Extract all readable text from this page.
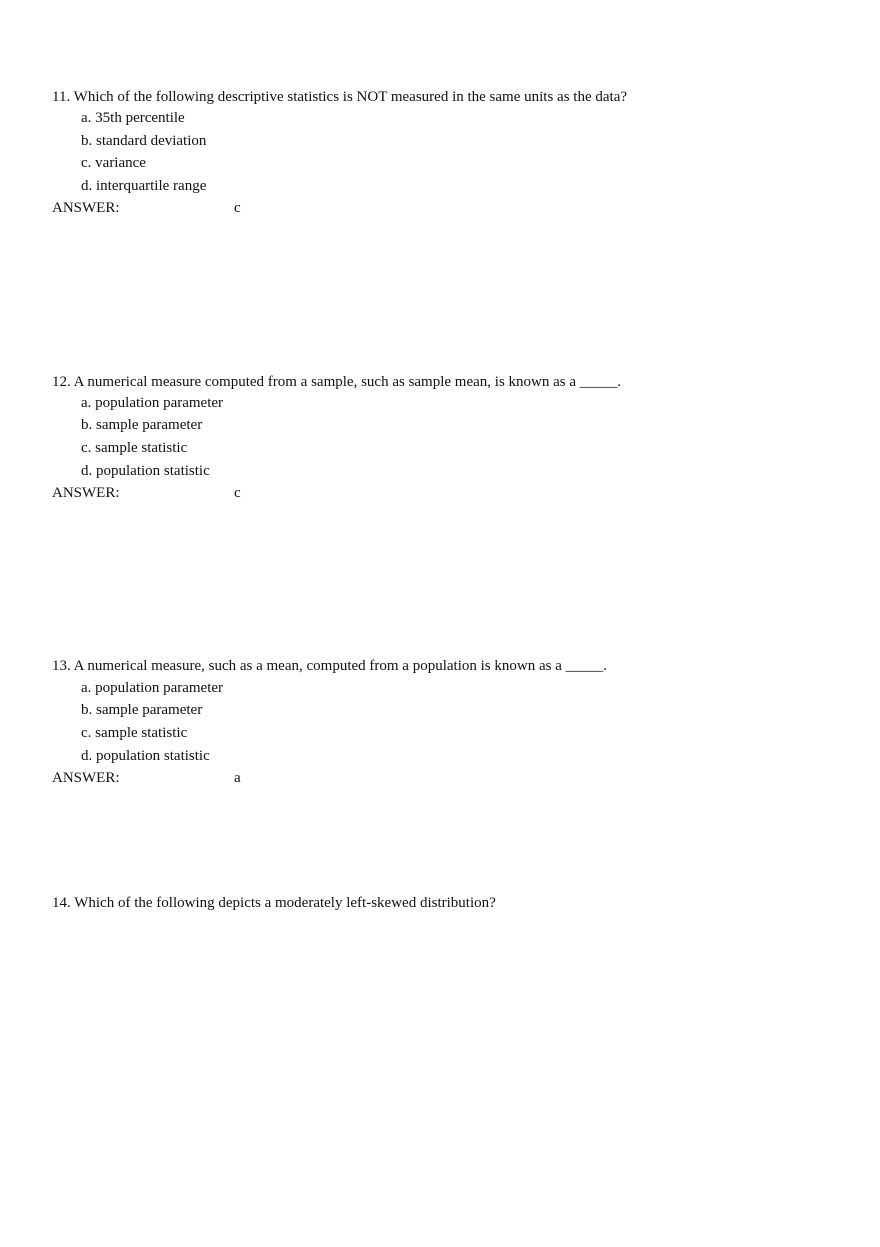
11. Which of the following descriptive statistics is NOT measured in the same units as the data?
a. 35th percentile
b. standard deviation
c. variance
d. interquartile range
ANSWER:	c
12. A numerical measure computed from a sample, such as sample mean, is known as a _____.
a. population parameter
b. sample parameter
c. sample statistic
d. population statistic
ANSWER:	c
13. A numerical measure, such as a mean, computed from a population is known as a _____.
a. population parameter
b. sample parameter
c. sample statistic
d. population statistic
ANSWER:	a
14. Which of the following depicts a moderately left-skewed distribution?
